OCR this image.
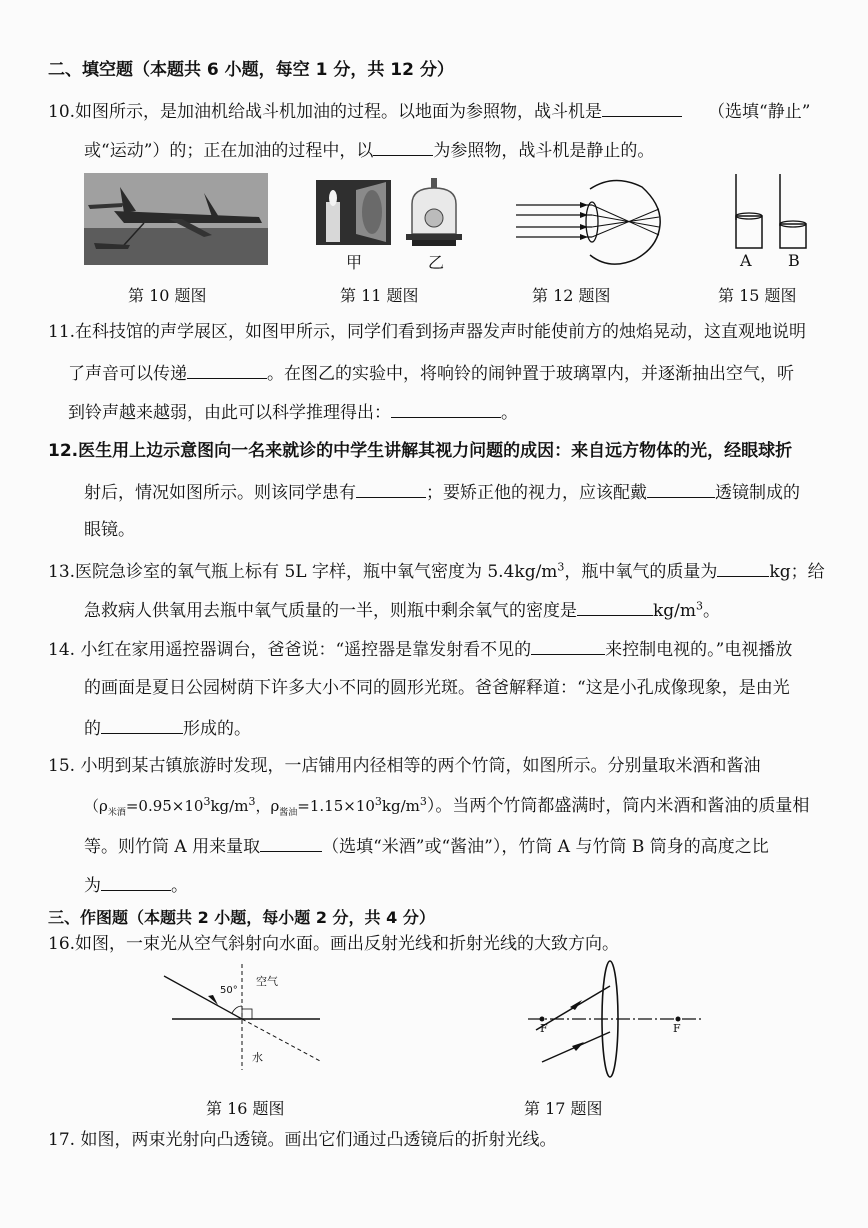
二、填空题（本题共 6 小题，每空 1 分，共 12 分）
10.如图所示，是加油机给战斗机加油的过程。以地面为参照物，战斗机是	（选填“静止”
或“运动”）的；正在加油的过程中，以	为参照物，战斗机是静止的。
第 10 题图
甲	乙
第 11 题图	第 12 题图
A B
第 15 题图
11.在科技馆的声学展区，如图甲所示，同学们看到扬声器发声时能使前方的烛焰晃动，这直观地说明
了声音可以传递	。在图乙的实验中，将响铃的闹钟置于玻璃罩内，并逐渐抽出空气，听
到铃声越来越弱，由此可以科学推理得出：	。
12.医生用上边示意图向一名来就诊的中学生讲解其视力问题的成因：来自远方物体的光，经眼球折
射后，情况如图所示。则该同学患有	；要矫正他的视力，应该配戴	透镜制成的
眼镜。
13.医院急诊室的氧气瓶上标有 5L 字样，瓶中氧气密度为 $5.4kg/m^3$，瓶中氧气的质量为	kg；给
急救病人供氧用去瓶中氧气质量的一半，则瓶中剩余氧气的密度是	$kg/m^3$。
14. 小红在家用遥控器调台，爸爸说：“遥控器是靠发射看不见的	来控制电视的。”电视播放
的画面是夏日公园树荫下许多大小不同的圆形光斑。爸爸解释道：“这是小孔成像现象，是由光
的	形成的。
15. 小明到某古镇旅游时发现，一店铺用内径相等的两个竹筒，如图所示。分别量取米酒和酱油
（$\rho_{米酒}=0.95\times 10^3kg/m^3$，$\rho_{酱油}=1.15\times 10^3kg/m^3$）。当两个竹筒都盛满时，筒内米酒和酱油的质量相
等。则竹筒 A 用来量取	（选填“米酒”或“酱油”），竹筒 A 与竹筒 B 筒身的高度之比
为	。
三、作图题（本题共 2 小题，每小题 2 分，共 4 分）
16.如图，一束光从空气斜射向水面。画出反射光线和折射光线的大致方向。
50°
空气
水
第 16 题图
F	F
第 17 题图
17. 如图，两束光射向凸透镜。画出它们通过凸透镜后的折射光线。
